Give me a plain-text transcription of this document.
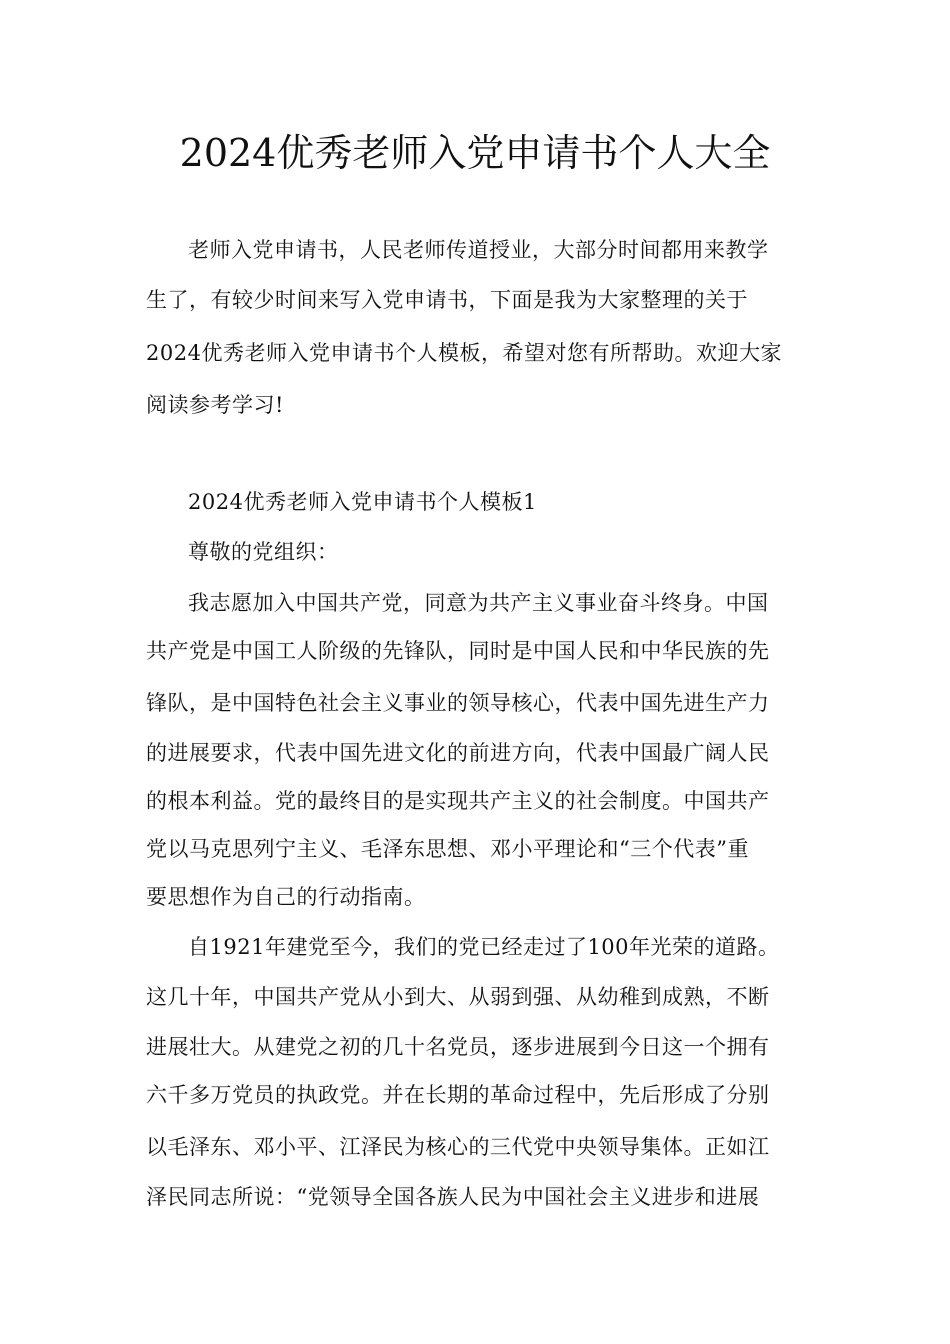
2024优秀老师入党申请书个人大全
老师入党申请书，人民老师传道授业，大部分时间都用来教学
生了，有较少时间来写入党申请书，下面是我为大家整理的关于
2024优秀老师入党申请书个人模板，希望对您有所帮助。欢迎大家
阅读参考学习!
2024优秀老师入党申请书个人模板1
尊敬的党组织：
我志愿加入中国共产党，同意为共产主义事业奋斗终身。中国
共产党是中国工人阶级的先锋队，同时是中国人民和中华民族的先
锋队，是中国特色社会主义事业的领导核心，代表中国先进生产力
的进展要求，代表中国先进文化的前进方向，代表中国最广阔人民
的根本利益。党的最终目的是实现共产主义的社会制度。中国共产
党以马克思列宁主义、毛泽东思想、邓小平理论和“三个代表”重
要思想作为自己的行动指南。
自1921年建党至今，我们的党已经走过了100年光荣的道路。
这几十年，中国共产党从小到大、从弱到强、从幼稚到成熟，不断
进展壮大。从建党之初的几十名党员，逐步进展到今日这一个拥有
六千多万党员的执政党。并在长期的革命过程中，先后形成了分别
以毛泽东、邓小平、江泽民为核心的三代党中央领导集体。正如江
泽民同志所说：“党领导全国各族人民为中国社会主义进步和进展
